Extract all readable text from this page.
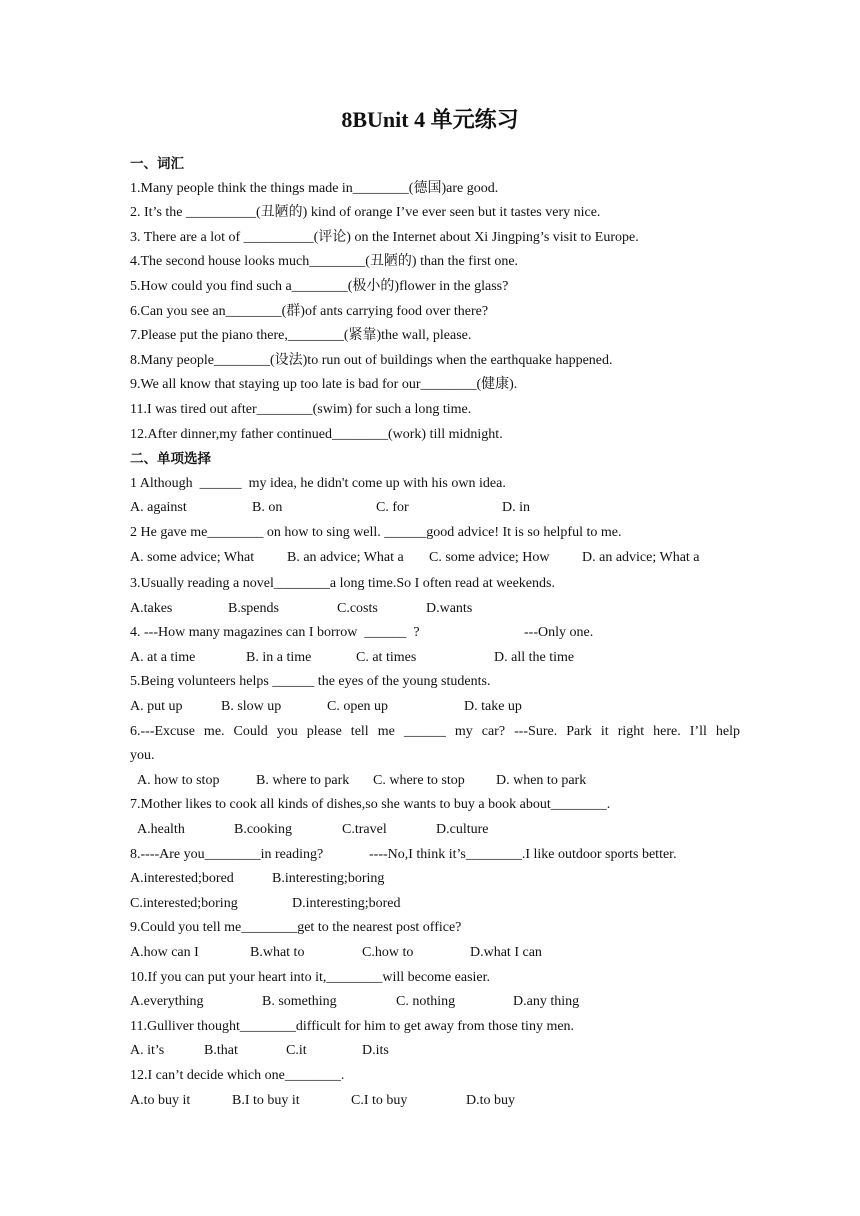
8BUnit 4 单元练习
一、词汇
1.Many people think the things made in________(德国)are good.
2. It’s the __________(丑陋的) kind of orange I’ve ever seen but it tastes very nice.
3. There are a lot of __________(评论) on the Internet about Xi Jingping’s visit to Europe.
4.The second house looks much________(丑陋的) than the first one.
5.How could you find such a________(极小的)flower in the glass?
6.Can you see an________(群)of ants carrying food over there?
7.Please put the piano there,________(紧靠)the wall, please.
8.Many people________(设法)to run out of buildings when the earthquake happened.
9.We all know that staying up too late is bad for our________(健康).
11.I was tired out after________(swim) for such a long time.
12.After dinner,my father continued________(work) till midnight.
二、单项选择
1 Although  ______  my idea, he didn't come up with his own idea.
A. against	B. on	C. for	D. in
2 He gave me________ on how to sing well. ______good advice! It is so helpful to me.
A. some advice; What B. an advice; What a C. some advice; How D. an advice; What a
3.Usually reading a novel________a long time.So I often read at weekends.
A.takes	B.spends	C.costs	D.wants
4. ---How many magazines can I borrow  ______  ?	---Only one.
A. at a time	B. in a time	C. at times	D. all the time
5.Being volunteers helps ______ the eyes of the young students.
A. put up	B. slow up	C. open up	D. take up
6.---Excuse me. Could you please tell me ______ my car? ---Sure. Park it right here. I’ll help
you.
A. how to stop	B. where to park C. where to stop D. when to park
7.Mother likes to cook all kinds of dishes,so she wants to buy a book about________.
A.health	B.cooking	C.travel	D.culture
8.----Are you________in reading?	----No,I think it’s________.I like outdoor sports better.
A.interested;bored	B.interesting;boring
C.interested;boring	D.interesting;bored
9.Could you tell me________get to the nearest post office?
A.how can I	B.what to	C.how to	D.what I can
10.If you can put your heart into it,________will become easier.
A.everything	B. something	C. nothing	D.any thing
11.Gulliver thought________difficult for him to get away from those tiny men.
A. it’s	B.that	C.it	D.its
12.I can’t decide which one________.
A.to buy it	B.I to buy it	C.I to buy	D.to buy
